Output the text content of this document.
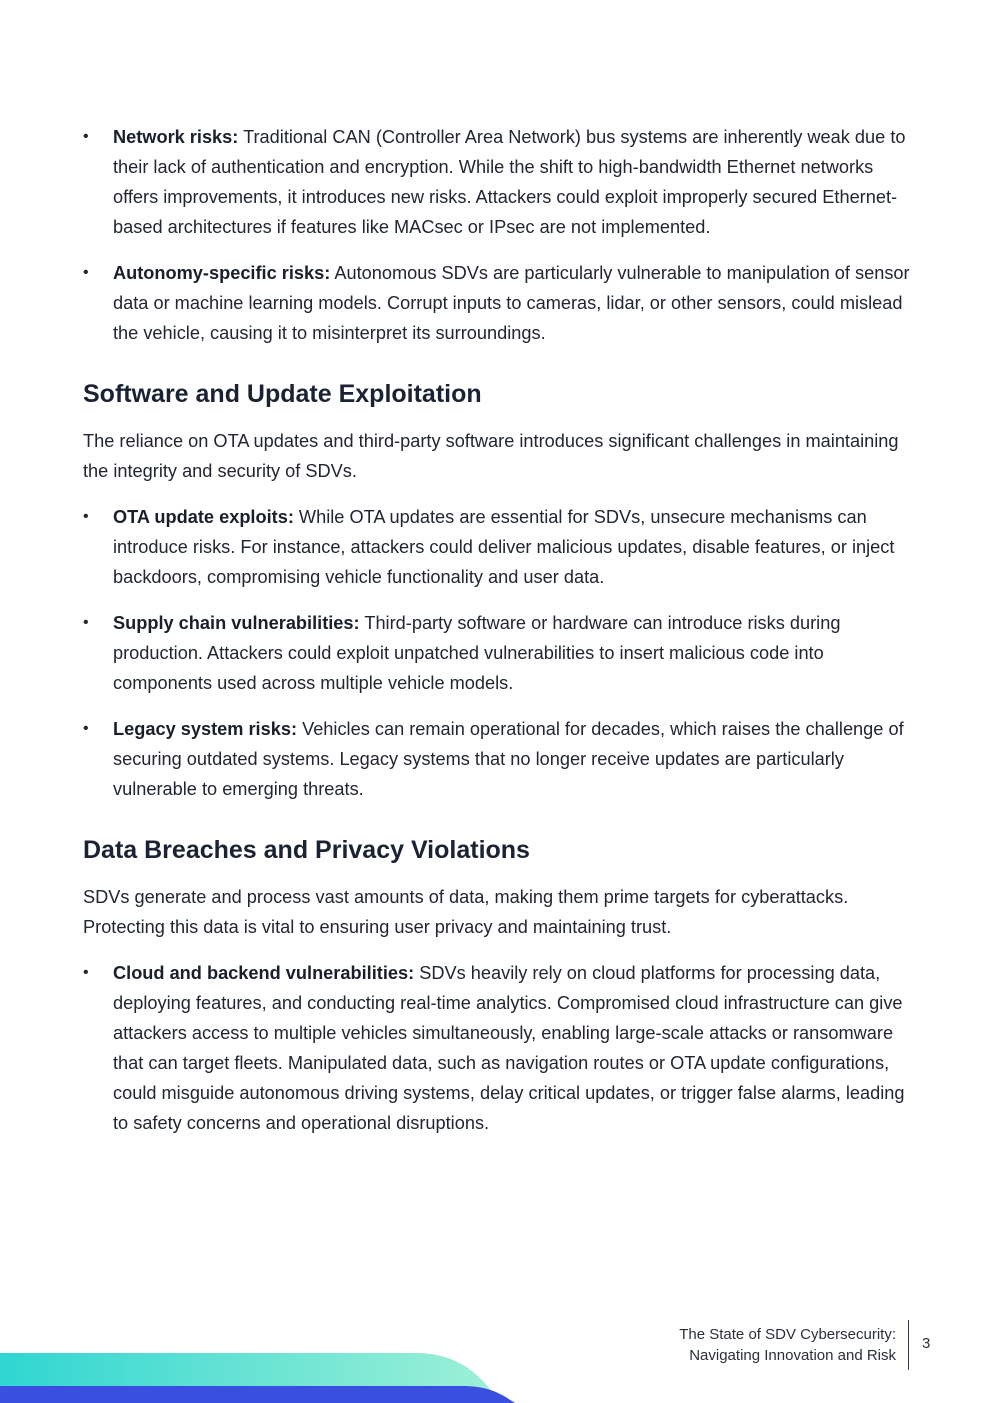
• Network risks: Traditional CAN (Controller Area Network) bus systems are inherently weak due to their lack of authentication and encryption. While the shift to high-bandwidth Ethernet networks offers improvements, it introduces new risks. Attackers could exploit improperly secured Ethernet-based architectures if features like MACsec or IPsec are not implemented.
• Autonomy-specific risks: Autonomous SDVs are particularly vulnerable to manipulation of sensor data or machine learning models. Corrupt inputs to cameras, lidar, or other sensors, could mislead the vehicle, causing it to misinterpret its surroundings.
Software and Update Exploitation

The reliance on OTA updates and third-party software introduces significant challenges in maintaining the integrity and security of SDVs.

• OTA update exploits: While OTA updates are essential for SDVs, unsecure mechanisms can introduce risks. For instance, attackers could deliver malicious updates, disable features, or inject backdoors, compromising vehicle functionality and user data.
• Supply chain vulnerabilities: Third-party software or hardware can introduce risks during production. Attackers could exploit unpatched vulnerabilities to insert malicious code into components used across multiple vehicle models.
• Legacy system risks: Vehicles can remain operational for decades, which raises the challenge of securing outdated systems. Legacy systems that no longer receive updates are particularly vulnerable to emerging threats.
Data Breaches and Privacy Violations

SDVs generate and process vast amounts of data, making them prime targets for cyberattacks. Protecting this data is vital to ensuring user privacy and maintaining trust.

• Cloud and backend vulnerabilities: SDVs heavily rely on cloud platforms for processing data, deploying features, and conducting real-time analytics. Compromised cloud infrastructure can give attackers access to multiple vehicles simultaneously, enabling large-scale attacks or ransomware that can target fleets. Manipulated data, such as navigation routes or OTA update configurations, could misguide autonomous driving systems, delay critical updates, or trigger false alarms, leading to safety concerns and operational disruptions.
The State of SDV Cybersecurity:
Navigating Innovation and Risk
3
